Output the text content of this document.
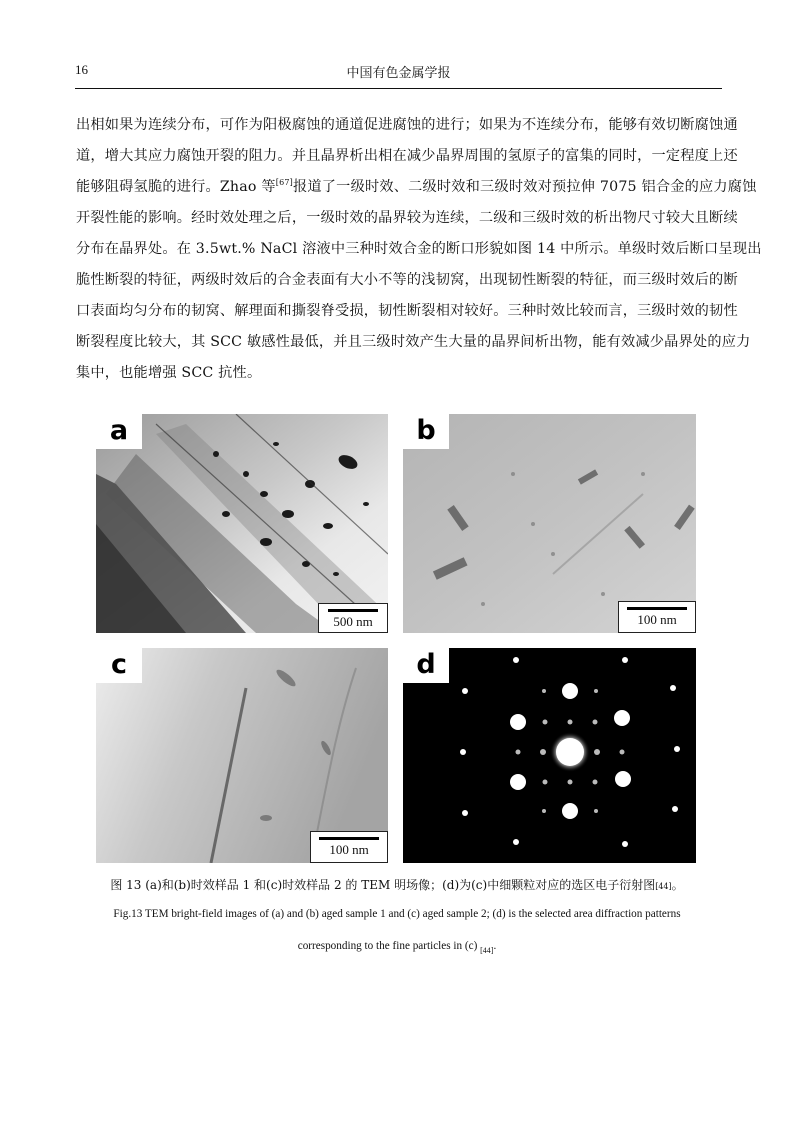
16	中国有色金属学报
出相如果为连续分布，可作为阳极腐蚀的通道促进腐蚀的进行；如果为不连续分布，能够有效切断腐蚀通
道，增大其应力腐蚀开裂的阻力。并且晶界析出相在减少晶界周围的氢原子的富集的同时，一定程度上还
能够阻碍氢脆的进行。Zhao 等[67]报道了一级时效、二级时效和三级时效对预拉伸 7075 铝合金的应力腐蚀
开裂性能的影响。经时效处理之后，一级时效的晶界较为连续，二级和三级时效的析出物尺寸较大且断续
分布在晶界处。在 3.5wt.% NaCl 溶液中三种时效合金的断口形貌如图 14 中所示。单级时效后断口呈现出
脆性断裂的特征，两级时效后的合金表面有大小不等的浅韧窝，出现韧性断裂的特征，而三级时效后的断
口表面均匀分布的韧窝、解理面和撕裂脊受损，韧性断裂相对较好。三种时效比较而言，三级时效的韧性
断裂程度比较大，其 SCC 敏感性最低，并且三级时效产生大量的晶界间析出物，能有效减少晶界处的应力
集中，也能增强 SCC 抗性。
a
500 nm
b
100 nm
c
100 nm
d
图 13 (a)和(b)时效样品 1 和(c)时效样品 2 的 TEM 明场像；(d)为(c)中细颗粒对应的选区电子衍射图[44]。
Fig.13 TEM bright-field images of (a) and (b) aged sample 1 and (c) aged sample 2; (d) is the selected area diffraction patterns
corresponding to the fine particles in (c) [44].
